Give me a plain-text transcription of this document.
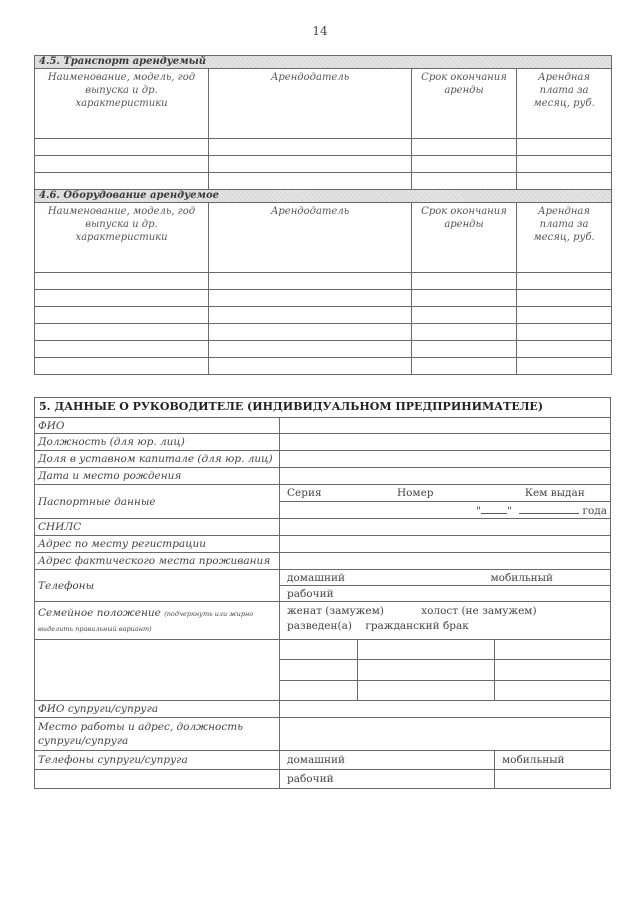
14
4.5. Транспорт арендуемый			
Наименование, модель, год выпуска и др. характеристики	Арендодатель	Срок окончания аренды	Арендная плата за месяц, руб.

4.6. Оборудование арендуемое			
Наименование, модель, год выпуска и др. характеристики	Арендодатель	Срок окончания аренды	Арендная плата за месяц, руб.

5. ДАННЫЕ О РУКОВОДИТЕЛЕ (ИНДИВИДУАЛЬНОМ ПРЕДПРИНИМАТЕЛЕ)			
ФИО			
Должность (для юр. лиц)			
Доля в уставном капитале (для юр. лиц)			
Дата и место рождения			
Паспортные данные	Серия Номер Кем выдан		
	" " года		
СНИЛС			
Адрес по месту регистрации			
Адрес фактического места проживания			
Телефоны	домашний мобильный		

	рабочий		
Семейное положение (подчеркнуть или жирно выделить правильный вариант)	женат (замужем) холост (не замужем)
разведен(а) гражданский брак		

ФИО супруги/супруга			
Место работы и адрес, должность супруги/супруга			
Телефоны супруги/супруга	домашний		мобильный
	рабочий		
